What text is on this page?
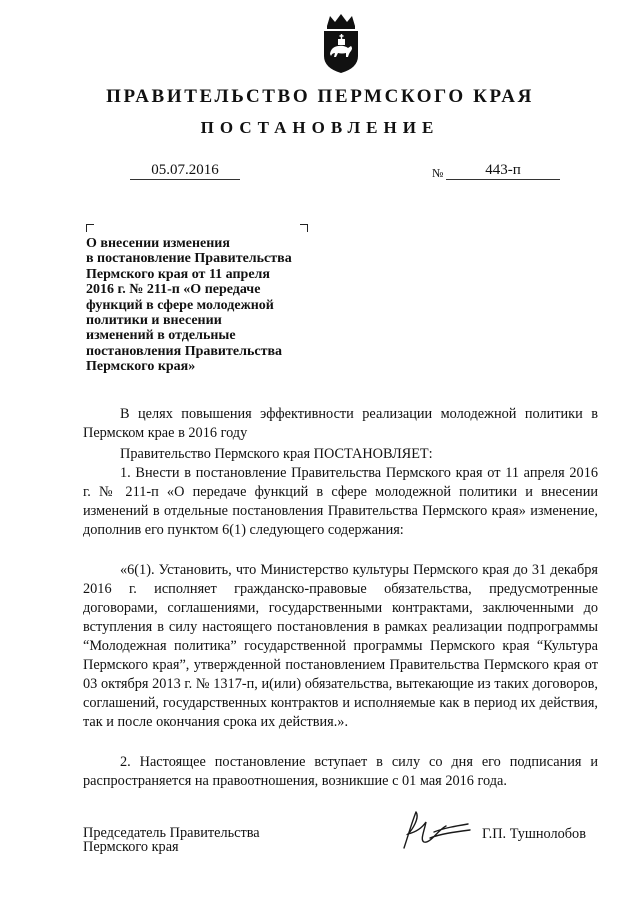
ПРАВИТЕЛЬСТВО ПЕРМСКОГО КРАЯ
ПОСТАНОВЛЕНИЕ
05.07.2016	№	443-п
О внесении изменения
в постановление Правительства
Пермского края от 11 апреля
2016 г. № 211-п «О передаче
функций в сфере молодежной
политики и внесении
изменений в отдельные
постановления Правительства
Пермского края»
В целях повышения эффективности реализации молодежной политики в Пермском крае в 2016 году
Правительство Пермского края ПОСТАНОВЛЯЕТ:
1. Внести в постановление Правительства Пермского края от 11 апреля 2016 г. № 211-п «О передаче функций в сфере молодежной политики и внесении изменений в отдельные постановления Правительства Пермского края» изменение, дополнив его пунктом 6(1) следующего содержания:
«6(1). Установить, что Министерство культуры Пермского края до 31 декабря 2016 г. исполняет гражданско-правовые обязательства, предусмотренные договорами, соглашениями, государственными контрактами, заключенными до вступления в силу настоящего постановления в рамках реализации подпрограммы “Молодежная политика” государственной программы Пермского края “Культура Пермского края”, утвержденной постановлением Правительства Пермского края от 03 октября 2013 г. № 1317-п, и(или) обязательства, вытекающие из таких договоров, соглашений, государственных контрактов и исполняемые как в период их действия, так и после окончания срока их действия.».
2. Настоящее постановление вступает в силу со дня его подписания и распространяется на правоотношения, возникшие с 01 мая 2016 года.
Председатель Правительства
Пермского края
Г.П. Тушнолобов
